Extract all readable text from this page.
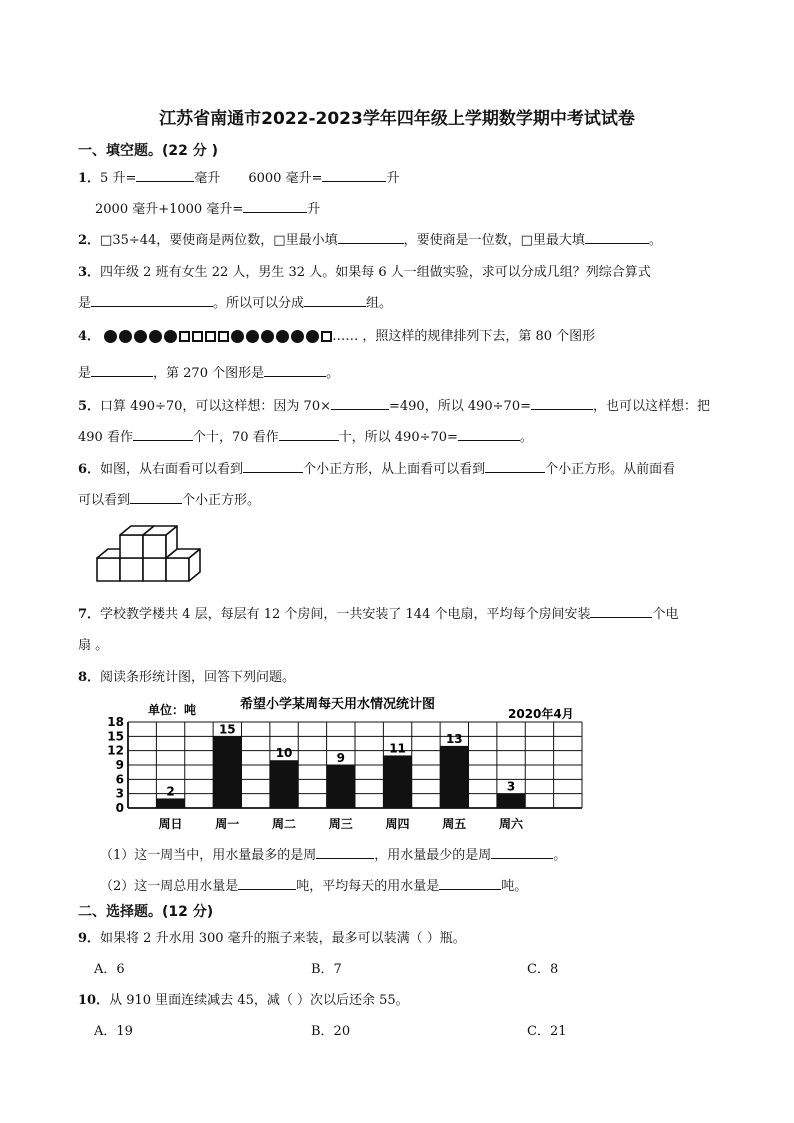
江苏省南通市2022-2023学年四年级上学期数学期中考试试卷
一、填空题。(22 分 )
1．5 升=	毫升 6000 毫升=	升
2000 毫升+1000 毫升=	升
2．□35÷44，要使商是两位数，□里最小填	，要使商是一位数，□里最大填	。
3．四年级 2 班有女生 22 人，男生 32 人。如果每 6 人一组做实验，求可以分成几组？列综合算式
是	。所以可以分成	组。
4．	…… ，照这样的规律排列下去，第 80 个图形
是	，第 270 个图形是	。
5．口算 490÷70，可以这样想：因为 70×	=490，所以 490÷70=	，也可以这样想：把
490 看作	个十，70 看作	十，所以 490÷70=	。
6．如图，从右面看可以看到	个小正方形，从上面看可以看到	个小正方形。从前面看
可以看到	个小正方形。
7．学校教学楼共 4 层，每层有 12 个房间，一共安装了 144 个电扇，平均每个房间安装	个电
扇 。
8．阅读条形统计图，回答下列问题。
单位：吨	希望小学某周每天用水情况统计图
2020年4月
2
15
10	9
11
13
3
0
3
6
9
12
15
18
周日	周一	周二	周三	周四	周五	周六
（1）这一周当中，用水量最多的是周	，用水量最少的是周	。
（2）这一周总用水量是	吨，平均每天的用水量是	吨。
二、选择题。(12 分)
9．如果将 2 升水用 300 毫升的瓶子来装，最多可以装满（ ）瓶。
A．6	B．7	C．8
10．从 910 里面连续减去 45，减（ ）次以后还余 55。
A．19	B．20	C．21
